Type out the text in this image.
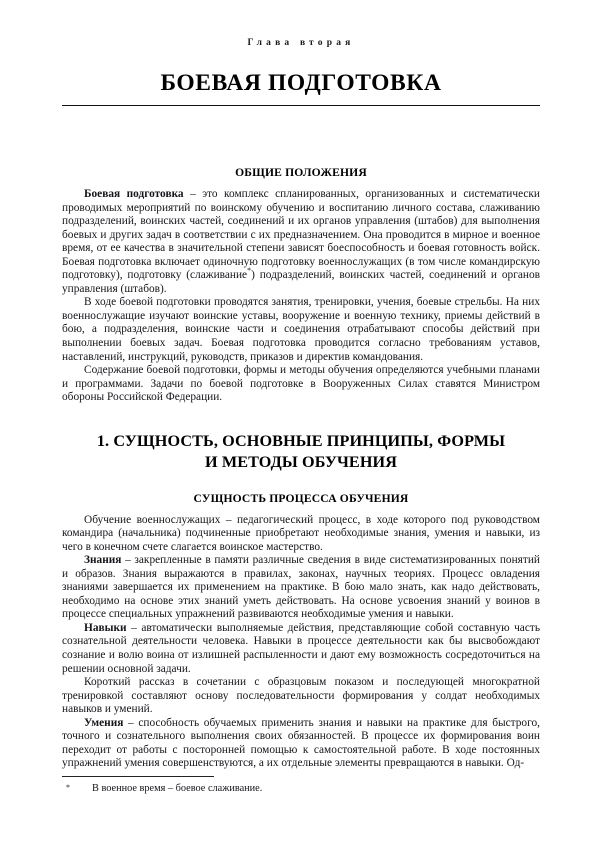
Глава вторая
БОЕВАЯ ПОДГОТОВКА
ОБЩИЕ ПОЛОЖЕНИЯ

Боевая подготовка – это комплекс спланированных, организованных и систематически проводимых мероприятий по воинскому обучению и воспитанию личного состава, слаживанию подразделений, воинских частей, соединений и их органов управления (штабов) для выполнения боевых и других задач в соответствии с их предназначением. Она проводится в мирное и военное время, от ее качества в значительной степени зависят боеспособность и боевая готовность войск. Боевая подготовка включает одиночную подготовку военнослужащих (в том числе командирскую подготовку), подготовку (слаживание*) подразделений, воинских частей, соединений и органов управления (штабов).

В ходе боевой подготовки проводятся занятия, тренировки, учения, боевые стрельбы. На них военнослужащие изучают воинские уставы, вооружение и военную технику, приемы действий в бою, а подразделения, воинские части и соединения отрабатывают способы действий при выполнении боевых задач. Боевая подготовка проводится согласно требованиям уставов, наставлений, инструкций, руководств, приказов и директив командования.

Содержание боевой подготовки, формы и методы обучения определяются учебными планами и программами. Задачи по боевой подготовке в Вооруженных Силах ставятся Министром обороны Российской Федерации.

1. СУЩНОСТЬ, ОСНОВНЫЕ ПРИНЦИПЫ, ФОРМЫ
И МЕТОДЫ ОБУЧЕНИЯ
СУЩНОСТЬ ПРОЦЕССА ОБУЧЕНИЯ

Обучение военнослужащих – педагогический процесс, в ходе которого под руководством командира (начальника) подчиненные приобретают необходимые знания, умения и навыки, из чего в конечном счете слагается воинское мастерство.

Знания – закрепленные в памяти различные сведения в виде систематизированных понятий и образов. Знания выражаются в правилах, законах, научных теориях. Процесс овладения знаниями завершается их применением на практике. В бою мало знать, как надо действовать, необходимо на основе этих знаний уметь действовать. На основе усвоения знаний у воинов в процессе специальных упражнений развиваются необходимые умения и навыки.

Навыки – автоматически выполняемые действия, представляющие собой составную часть сознательной деятельности человека. Навыки в процессе деятельности как бы высвобождают сознание и волю воина от излишней распыленности и дают ему возможность сосредоточиться на решении основной задачи.

Короткий рассказ в сочетании с образцовым показом и последующей многократной тренировкой составляют основу последовательности формирования у солдат необходимых навыков и умений.

Умения – способность обучаемых применить знания и навыки на практике для быстрого, точного и сознательного выполнения своих обязанностей. В процессе их формирования воин переходит от работы с посторонней помощью к самостоятельной работе. В ходе постоянных упражнений умения совершенствуются, а их отдельные элементы превращаются в навыки. Од-

* В военное время – боевое слаживание.
